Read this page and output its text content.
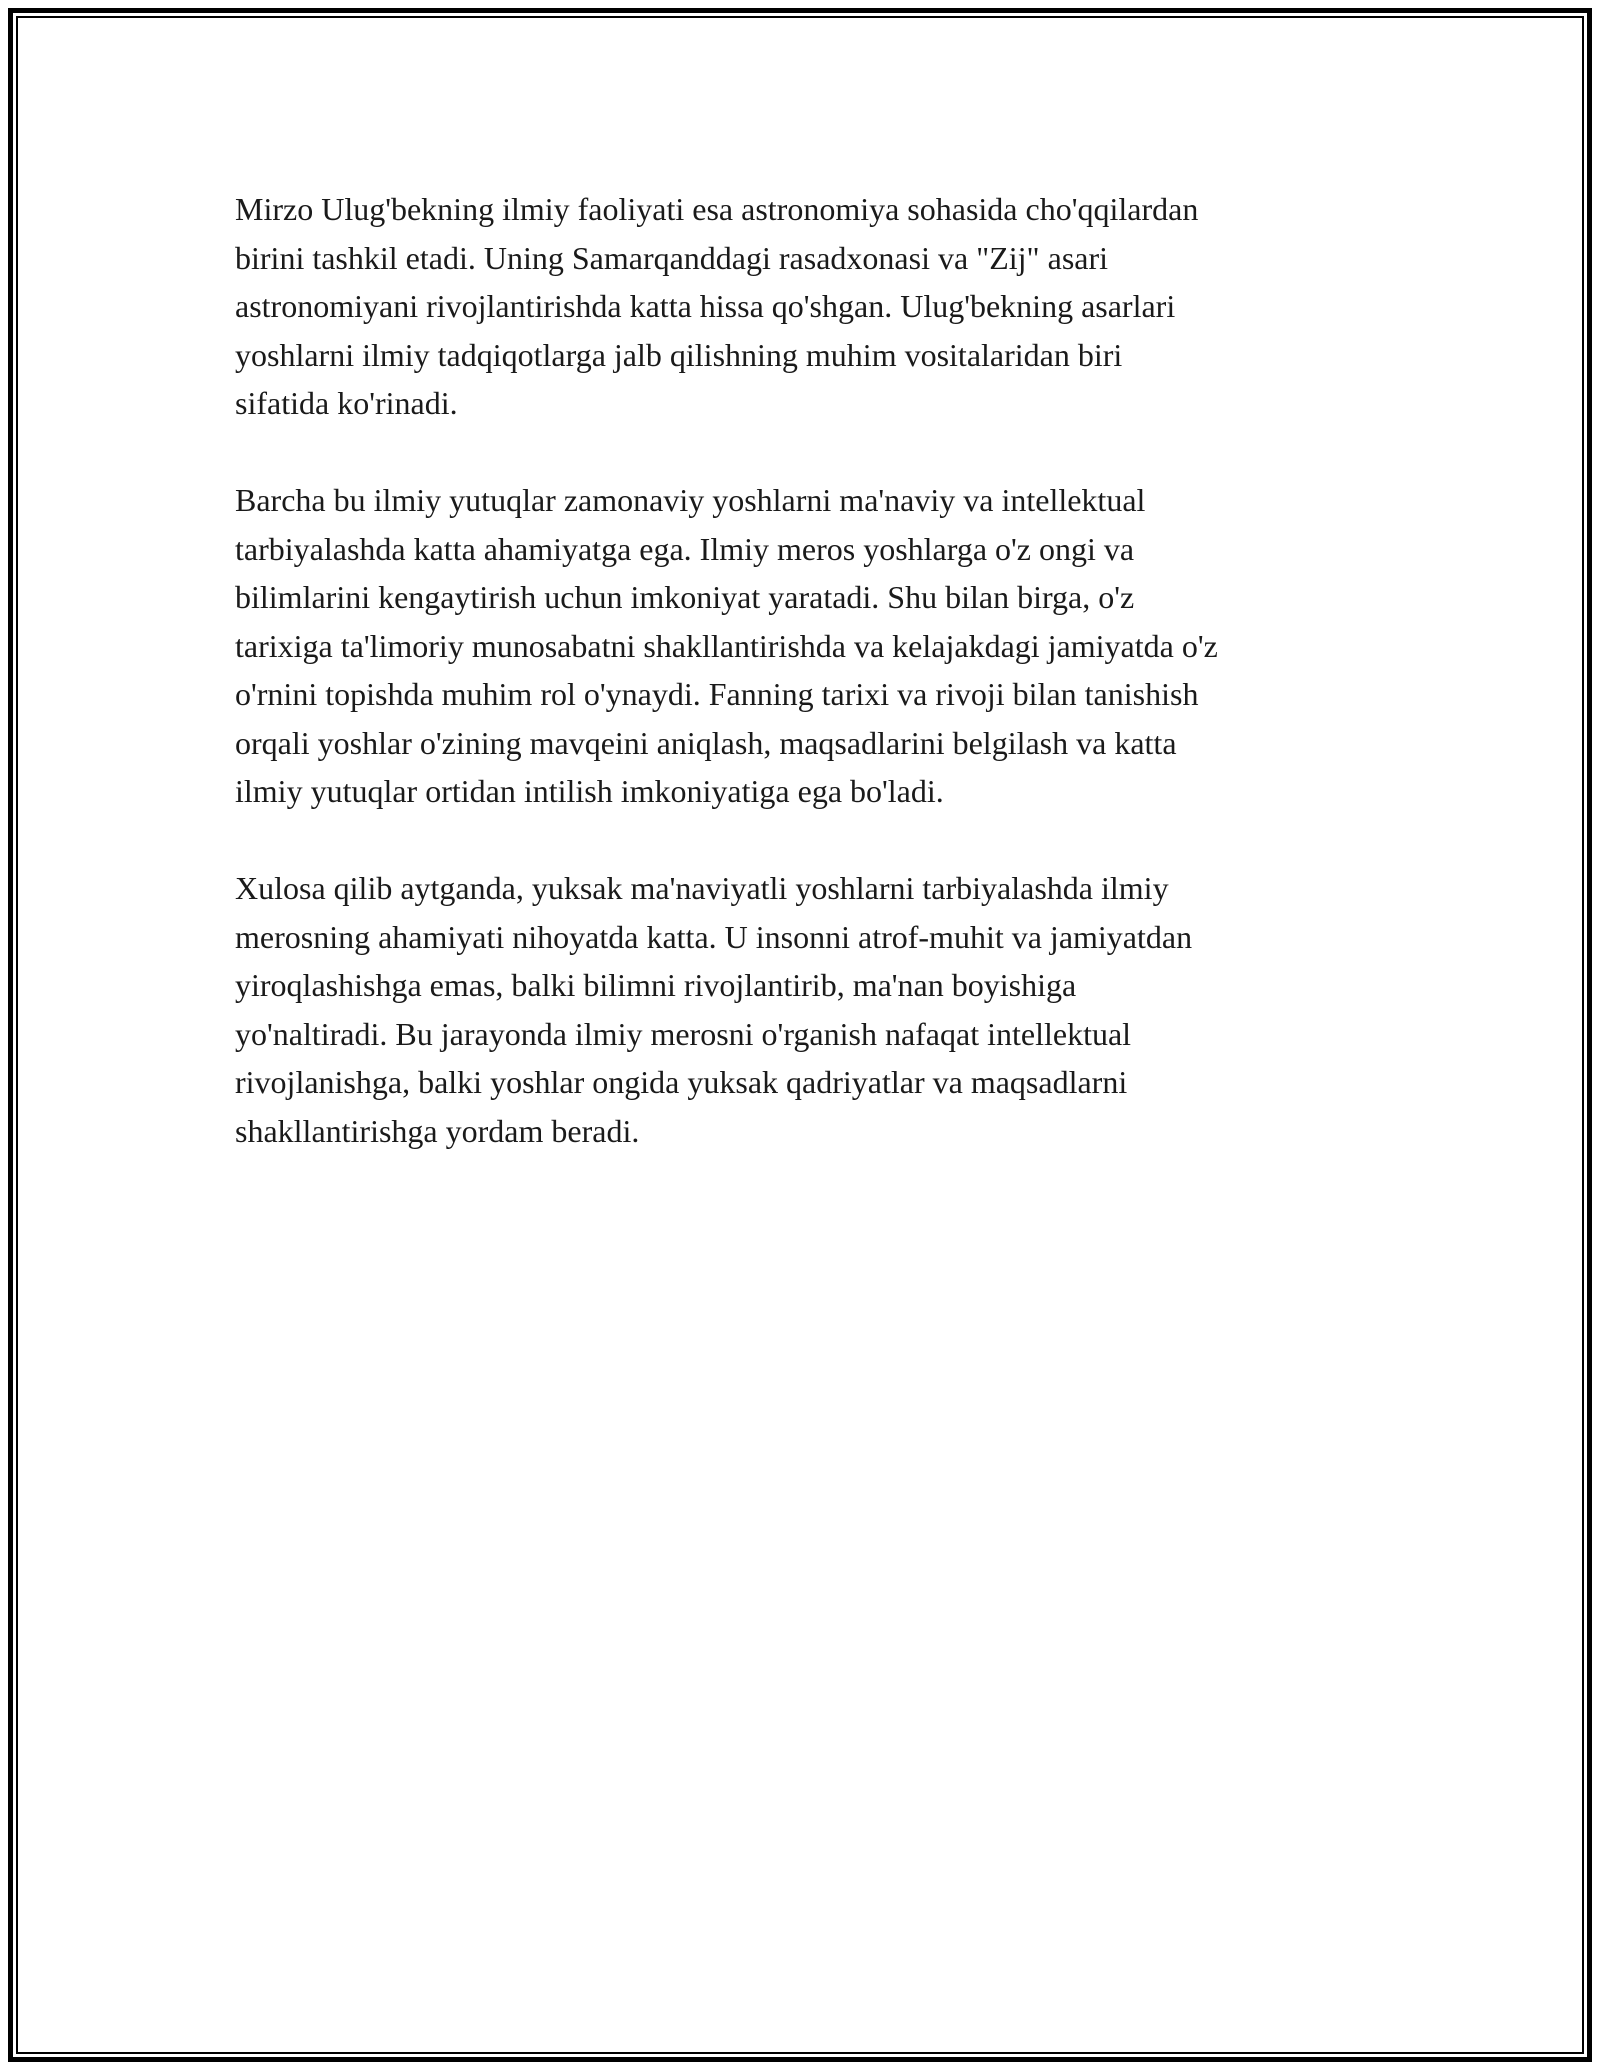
Mirzo Ulug'bekning ilmiy faoliyati esa astronomiya sohasida cho'qqilardan
birini tashkil etadi. Uning Samarqanddagi rasadxonasi va "Zij" asari
astronomiyani rivojlantirishda katta hissa qo'shgan. Ulug'bekning asarlari
yoshlarni ilmiy tadqiqotlarga jalb qilishning muhim vositalaridan biri
sifatida ko'rinadi.

Barcha bu ilmiy yutuqlar zamonaviy yoshlarni ma'naviy va intellektual
tarbiyalashda katta ahamiyatga ega. Ilmiy meros yoshlarga o'z ongi va
bilimlarini kengaytirish uchun imkoniyat yaratadi. Shu bilan birga, o'z
tarixiga ta'limoriy munosabatni shakllantirishda va kelajakdagi jamiyatda o'z
o'rnini topishda muhim rol o'ynaydi. Fanning tarixi va rivoji bilan tanishish
orqali yoshlar o'zining mavqeini aniqlash, maqsadlarini belgilash va katta
ilmiy yutuqlar ortidan intilish imkoniyatiga ega bo'ladi.

Xulosa qilib aytganda, yuksak ma'naviyatli yoshlarni tarbiyalashda ilmiy
merosning ahamiyati nihoyatda katta. U insonni atrof-muhit va jamiyatdan
yiroqlashishga emas, balki bilimni rivojlantirib, ma'nan boyishiga
yo'naltiradi. Bu jarayonda ilmiy merosni o'rganish nafaqat intellektual
rivojlanishga, balki yoshlar ongida yuksak qadriyatlar va maqsadlarni
shakllantirishga yordam beradi.
